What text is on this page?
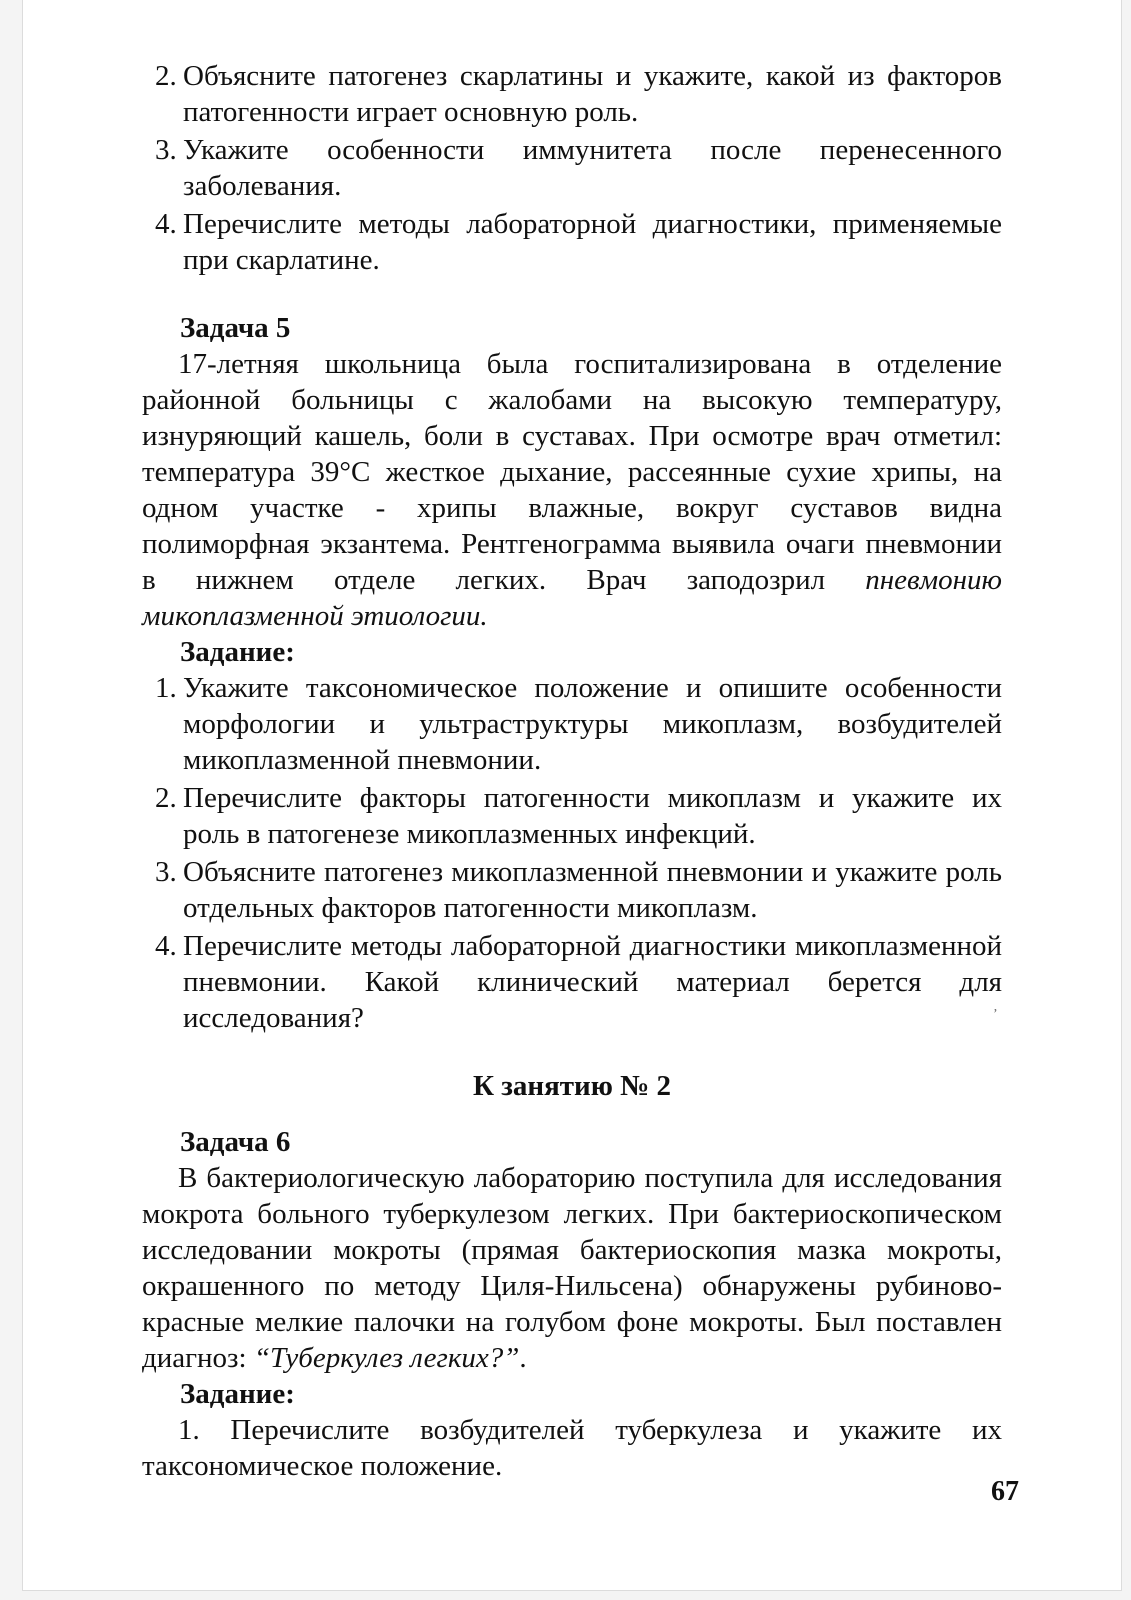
2. Объясните патогенез скарлатины и укажите, какой из факторов патогенности играет основную роль.
3. Укажите особенности иммунитета после перенесенного заболевания.
4. Перечислите методы лабораторной диагностики, применяемые при скарлатине.
Задача 5

17-летняя школьница была госпитализирована в отделение районной больницы с жалобами на высокую температуру, изнуряющий кашель, боли в суставах. При осмотре врач отметил: температура 39°С жесткое дыхание, рассеянные сухие хрипы, на одном участке - хрипы влажные, вокруг суставов видна полиморфная экзантема. Рентгенограмма выявила очаги пневмонии в нижнем отделе легких. Врач заподозрил пневмонию микоплазменной этиологии.

Задание:
1. Укажите таксономическое положение и опишите особенности морфологии и ультраструктуры микоплазм, возбудителей микоплазменной пневмонии.
2. Перечислите факторы патогенности микоплазм и укажите их роль в патогенезе микоплазменных инфекций.
3. Объясните патогенез микоплазменной пневмонии и укажите роль отдельных факторов патогенности микоплазм.
4. Перечислите методы лабораторной диагностики микоплазменной пневмонии. Какой клинический материал берется для исследования?
К занятию № 2
Задача 6

В бактериологическую лабораторию поступила для исследования мокрота больного туберкулезом легких. При бактериоскопическом исследовании мокроты (прямая бактериоскопия мазка мокроты, окрашенного по методу Циля-Нильсена) обнаружены рубиново-красные мелкие палочки на голубом фоне мокроты. Был поставлен диагноз: “Туберкулез легких?”.

Задание:

1. Перечислите возбудителей туберкулеза и укажите их таксономическое положение.

’
67
